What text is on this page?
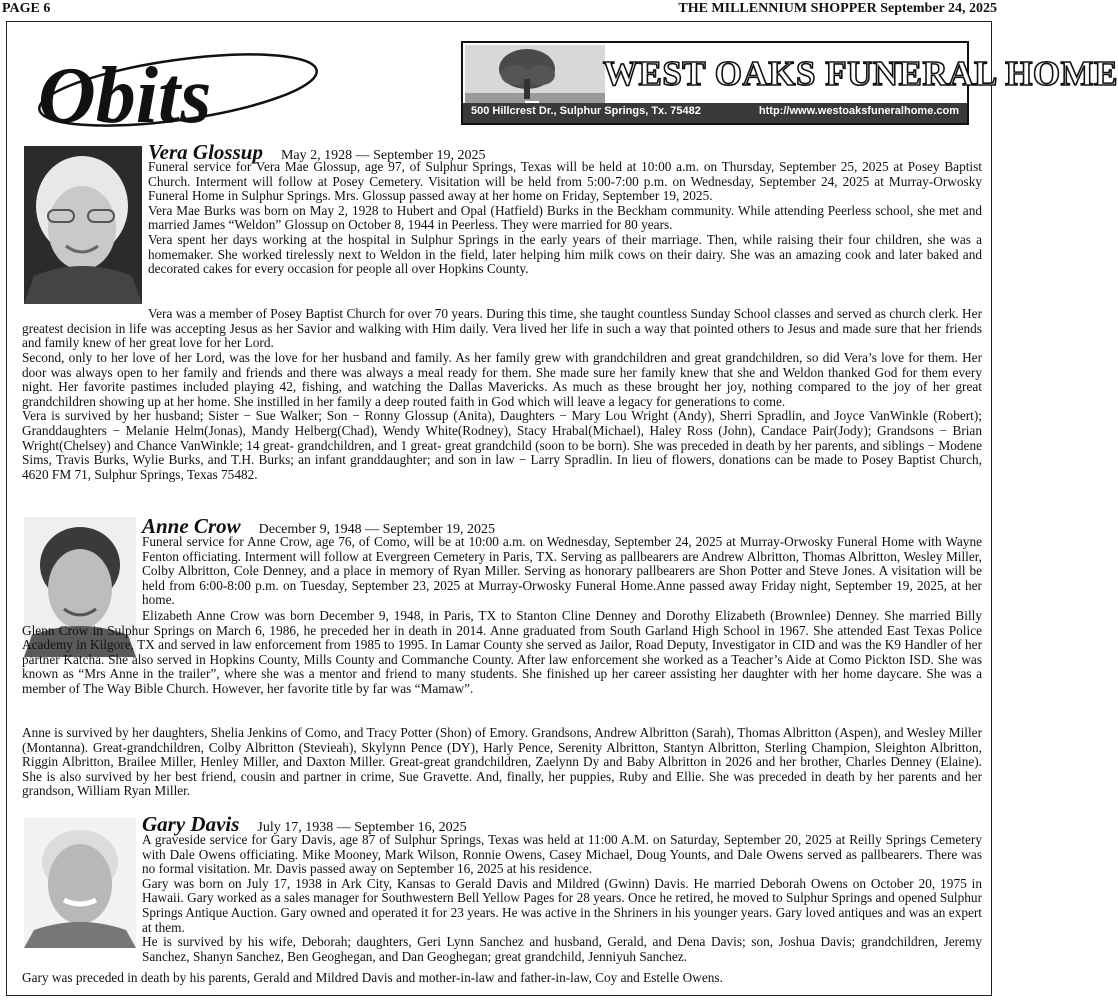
PAGE 6	THE MILLENNIUM SHOPPER September 24, 2025
Obits	WEST OAKS FUNERAL HOME
500 Hillcrest Dr., Sulphur Springs, Tx. 75482	http://www.westoaksfuneralhome.com
Vera Glossup May 2, 1928 — September 19, 2025

Funeral service for Vera Mae Glossup, age 97, of Sulphur Springs, Texas will be held at 10:00 a.m. on Thursday, September 25, 2025 at Posey Baptist Church. Interment will follow at Posey Cemetery. Visitation will be held from 5:00-7:00 p.m. on Wednesday, September 24, 2025 at Murray-Orwosky Funeral Home in Sulphur Springs. Mrs. Glossup passed away at her home on Friday, September 19, 2025.

Vera Mae Burks was born on May 2, 1928 to Hubert and Opal (Hatfield) Burks in the Beckham community. While attending Peerless school, she met and married James “Weldon” Glossup on October 8, 1944 in Peerless. They were married for 80 years.

Vera spent her days working at the hospital in Sulphur Springs in the early years of their marriage. Then, while raising their four children, she was a homemaker. She worked tirelessly next to Weldon in the field, later helping him milk cows on their dairy. She was an amazing cook and later baked and decorated cakes for every occasion for people all over Hopkins County.

Vera was a member of Posey Baptist Church for over 70 years. During this time, she taught countless Sunday School classes and served as church clerk. Her greatest decision in life was accepting Jesus as her Savior and walking with Him daily. Vera lived her life in such a way that pointed others to Jesus and made sure that her friends and family knew of her great love for her Lord.

Second, only to her love of her Lord, was the love for her husband and family. As her family grew with grandchildren and great grandchildren, so did Vera’s love for them. Her door was always open to her family and friends and there was always a meal ready for them. She made sure her family knew that she and Weldon thanked God for them every night. Her favorite pastimes included playing 42, fishing, and watching the Dallas Mavericks. As much as these brought her joy, nothing compared to the joy of her great grandchildren showing up at her home. She instilled in her family a deep routed faith in God which will leave a legacy for generations to come.

Vera is survived by her husband; Sister − Sue Walker; Son − Ronny Glossup (Anita), Daughters − Mary Lou Wright (Andy), Sherri Spradlin, and Joyce VanWinkle (Robert); Granddaughters − Melanie Helm(Jonas), Mandy Helberg(Chad), Wendy White(Rodney), Stacy Hrabal(Michael), Haley Ross (John), Candace Pair(Jody); Grandsons − Brian Wright(Chelsey) and Chance VanWinkle; 14 great- grandchildren, and 1 great- great grandchild (soon to be born). She was preceded in death by her parents, and siblings − Modene Sims, Travis Burks, Wylie Burks, and T.H. Burks; an infant granddaughter; and son in law − Larry Spradlin. In lieu of flowers, donations can be made to Posey Baptist Church, 4620 FM 71, Sulphur Springs, Texas 75482.

Anne Crow December 9, 1948 — September 19, 2025

Funeral service for Anne Crow, age 76, of Como, will be at 10:00 a.m. on Wednesday, September 24, 2025 at Murray-Orwosky Funeral Home with Wayne Fenton officiating. Interment will follow at Evergreen Cemetery in Paris, TX. Serving as pallbearers are Andrew Albritton, Thomas Albritton, Wesley Miller, Colby Albritton, Cole Denney, and a place in memory of Ryan Miller. Serving as honorary pallbearers are Shon Potter and Steve Jones. A visitation will be held from 6:00-8:00 p.m. on Tuesday, September 23, 2025 at Murray-Orwosky Funeral Home.Anne passed away Friday night, September 19, 2025, at her home.

Elizabeth Anne Crow was born December 9, 1948, in Paris, TX to Stanton Cline Denney and Dorothy Elizabeth (Brownlee) Denney. She married Billy Glenn Crow in Sulphur Springs on March 6, 1986, he preceded her in death in 2014. Anne graduated from South Garland High School in 1967. She attended East Texas Police Academy in Kilgore, TX and served in law enforcement from 1985 to 1995. In Lamar County she served as Jailor, Road Deputy, Investigator in CID and was the K9 Handler of her partner Katcha. She also served in Hopkins County, Mills County and Commanche County. After law enforcement she worked as a Teacher’s Aide at Como Pickton ISD. She was known as “Mrs Anne in the trailer”, where she was a mentor and friend to many students. She finished up her career assisting her daughter with her home daycare. She was a member of The Way Bible Church. However, her favorite title by far was “Mamaw”.

Anne is survived by her daughters, Shelia Jenkins of Como, and Tracy Potter (Shon) of Emory. Grandsons, Andrew Albritton (Sarah), Thomas Albritton (Aspen), and Wesley Miller (Montanna). Great-grandchildren, Colby Albritton (Stevieah), Skylynn Pence (DY), Harly Pence, Serenity Albritton, Stantyn Albritton, Sterling Champion, Sleighton Albritton, Riggin Albritton, Brailee Miller, Henley Miller, and Daxton Miller. Great-great grandchildren, Zaelynn Dy and Baby Albritton in 2026 and her brother, Charles Denney (Elaine). She is also survived by her best friend, cousin and partner in crime, Sue Gravette. And, finally, her puppies, Ruby and Ellie. She was preceded in death by her parents and her grandson, William Ryan Miller.

Gary Davis July 17, 1938 — September 16, 2025

A graveside service for Gary Davis, age 87 of Sulphur Springs, Texas was held at 11:00 A.M. on Saturday, September 20, 2025 at Reilly Springs Cemetery with Dale Owens officiating. Mike Mooney, Mark Wilson, Ronnie Owens, Casey Michael, Doug Younts, and Dale Owens served as pallbearers. There was no formal visitation. Mr. Davis passed away on September 16, 2025 at his residence.

Gary was born on July 17, 1938 in Ark City, Kansas to Gerald Davis and Mildred (Gwinn) Davis. He married Deborah Owens on October 20, 1975 in Hawaii. Gary worked as a sales manager for Southwestern Bell Yellow Pages for 28 years. Once he retired, he moved to Sulphur Springs and opened Sulphur Springs Antique Auction. Gary owned and operated it for 23 years. He was active in the Shriners in his younger years. Gary loved antiques and was an expert at them.

He is survived by his wife, Deborah; daughters, Geri Lynn Sanchez and husband, Gerald, and Dena Davis; son, Joshua Davis; grandchildren, Jeremy Sanchez, Shanyn Sanchez, Ben Geoghegan, and Dan Geoghegan; great grandchild, Jenniyuh Sanchez.

Gary was preceded in death by his parents, Gerald and Mildred Davis and mother-in-law and father-in-law, Coy and Estelle Owens.
